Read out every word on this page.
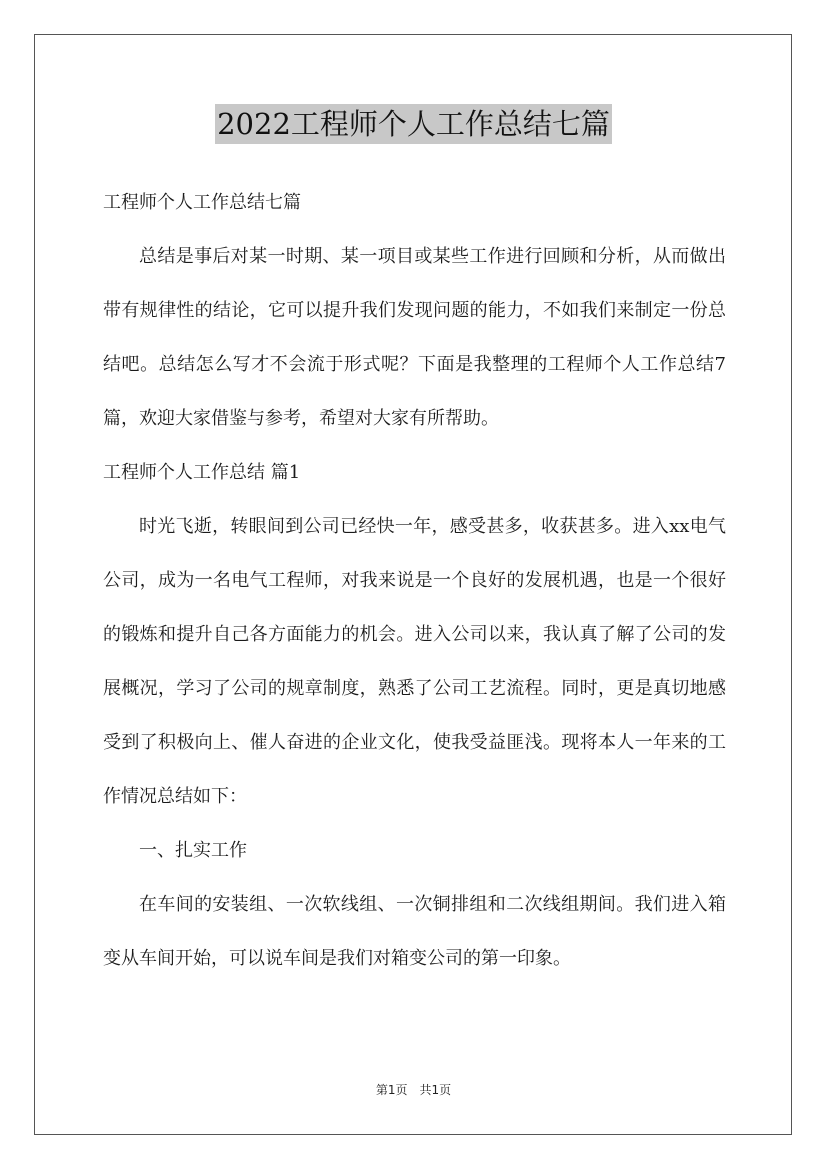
2022工程师个人工作总结七篇

工程师个人工作总结七篇

总结是事后对某一时期、某一项目或某些工作进行回顾和分析，从而做出带有规律性的结论，它可以提升我们发现问题的能力，不如我们来制定一份总结吧。总结怎么写才不会流于形式呢？下面是我整理的工程师个人工作总结7篇，欢迎大家借鉴与参考，希望对大家有所帮助。

工程师个人工作总结 篇1

时光飞逝，转眼间到公司已经快一年，感受甚多，收获甚多。进入xx电气公司，成为一名电气工程师，对我来说是一个良好的发展机遇，也是一个很好的锻炼和提升自己各方面能力的机会。进入公司以来，我认真了解了公司的发展概况，学习了公司的规章制度，熟悉了公司工艺流程。同时，更是真切地感受到了积极向上、催人奋进的企业文化，使我受益匪浅。现将本人一年来的工作情况总结如下：

一、扎实工作

在车间的安装组、一次软线组、一次铜排组和二次线组期间。我们进入箱变从车间开始，可以说车间是我们对箱变公司的第一印象。

第1页　共1页
